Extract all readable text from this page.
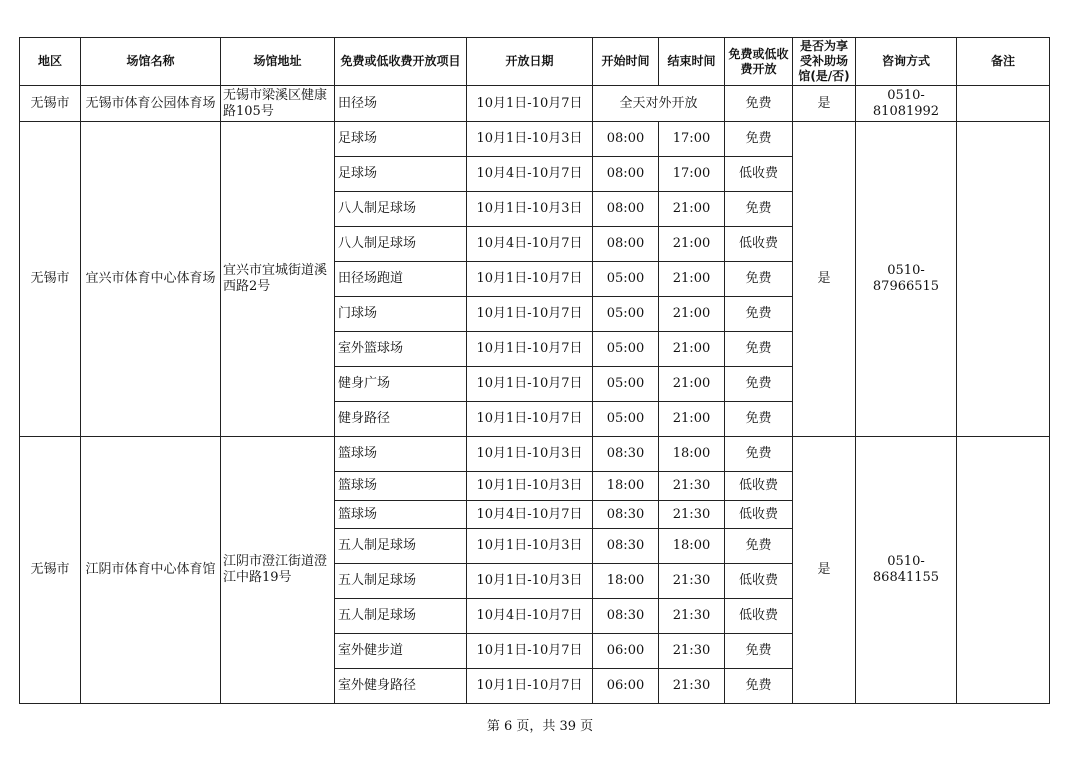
地区	场馆名称	场馆地址	免费或低收费开放项目	开放日期	开始时间	结束时间	免费或低收费开放	是否为享受补助场馆(是/否)	咨询方式	备注
无锡市	无锡市体育公园体育场	无锡市梁溪区健康路105号	田径场	10月1日-10月7日	全天对外开放		免费	是	0510-81081992	
无锡市	宜兴市体育中心体育场	宜兴市宜城街道溪西路2号	足球场	10月1日-10月3日	08:00	17:00	免费	是	0510-87966515	
			足球场	10月4日-10月7日	08:00	17:00	低收费			
			八人制足球场	10月1日-10月3日	08:00	21:00	免费			
			八人制足球场	10月4日-10月7日	08:00	21:00	低收费			
			田径场跑道	10月1日-10月7日	05:00	21:00	免费			
			门球场	10月1日-10月7日	05:00	21:00	免费			
			室外篮球场	10月1日-10月7日	05:00	21:00	免费			
			健身广场	10月1日-10月7日	05:00	21:00	免费			
			健身路径	10月1日-10月7日	05:00	21:00	免费			
无锡市	江阴市体育中心体育馆	江阴市澄江街道澄江中路19号	篮球场	10月1日-10月3日	08:30	18:00	免费	是	0510-86841155	
			篮球场	10月1日-10月3日	18:00	21:30	低收费			
			篮球场	10月4日-10月7日	08:30	21:30	低收费			
			五人制足球场	10月1日-10月3日	08:30	18:00	免费			
			五人制足球场	10月1日-10月3日	18:00	21:30	低收费			
			五人制足球场	10月4日-10月7日	08:30	21:30	低收费			
			室外健步道	10月1日-10月7日	06:00	21:30	免费			
			室外健身路径	10月1日-10月7日	06:00	21:30	免费			
第 6 页，共 39 页
